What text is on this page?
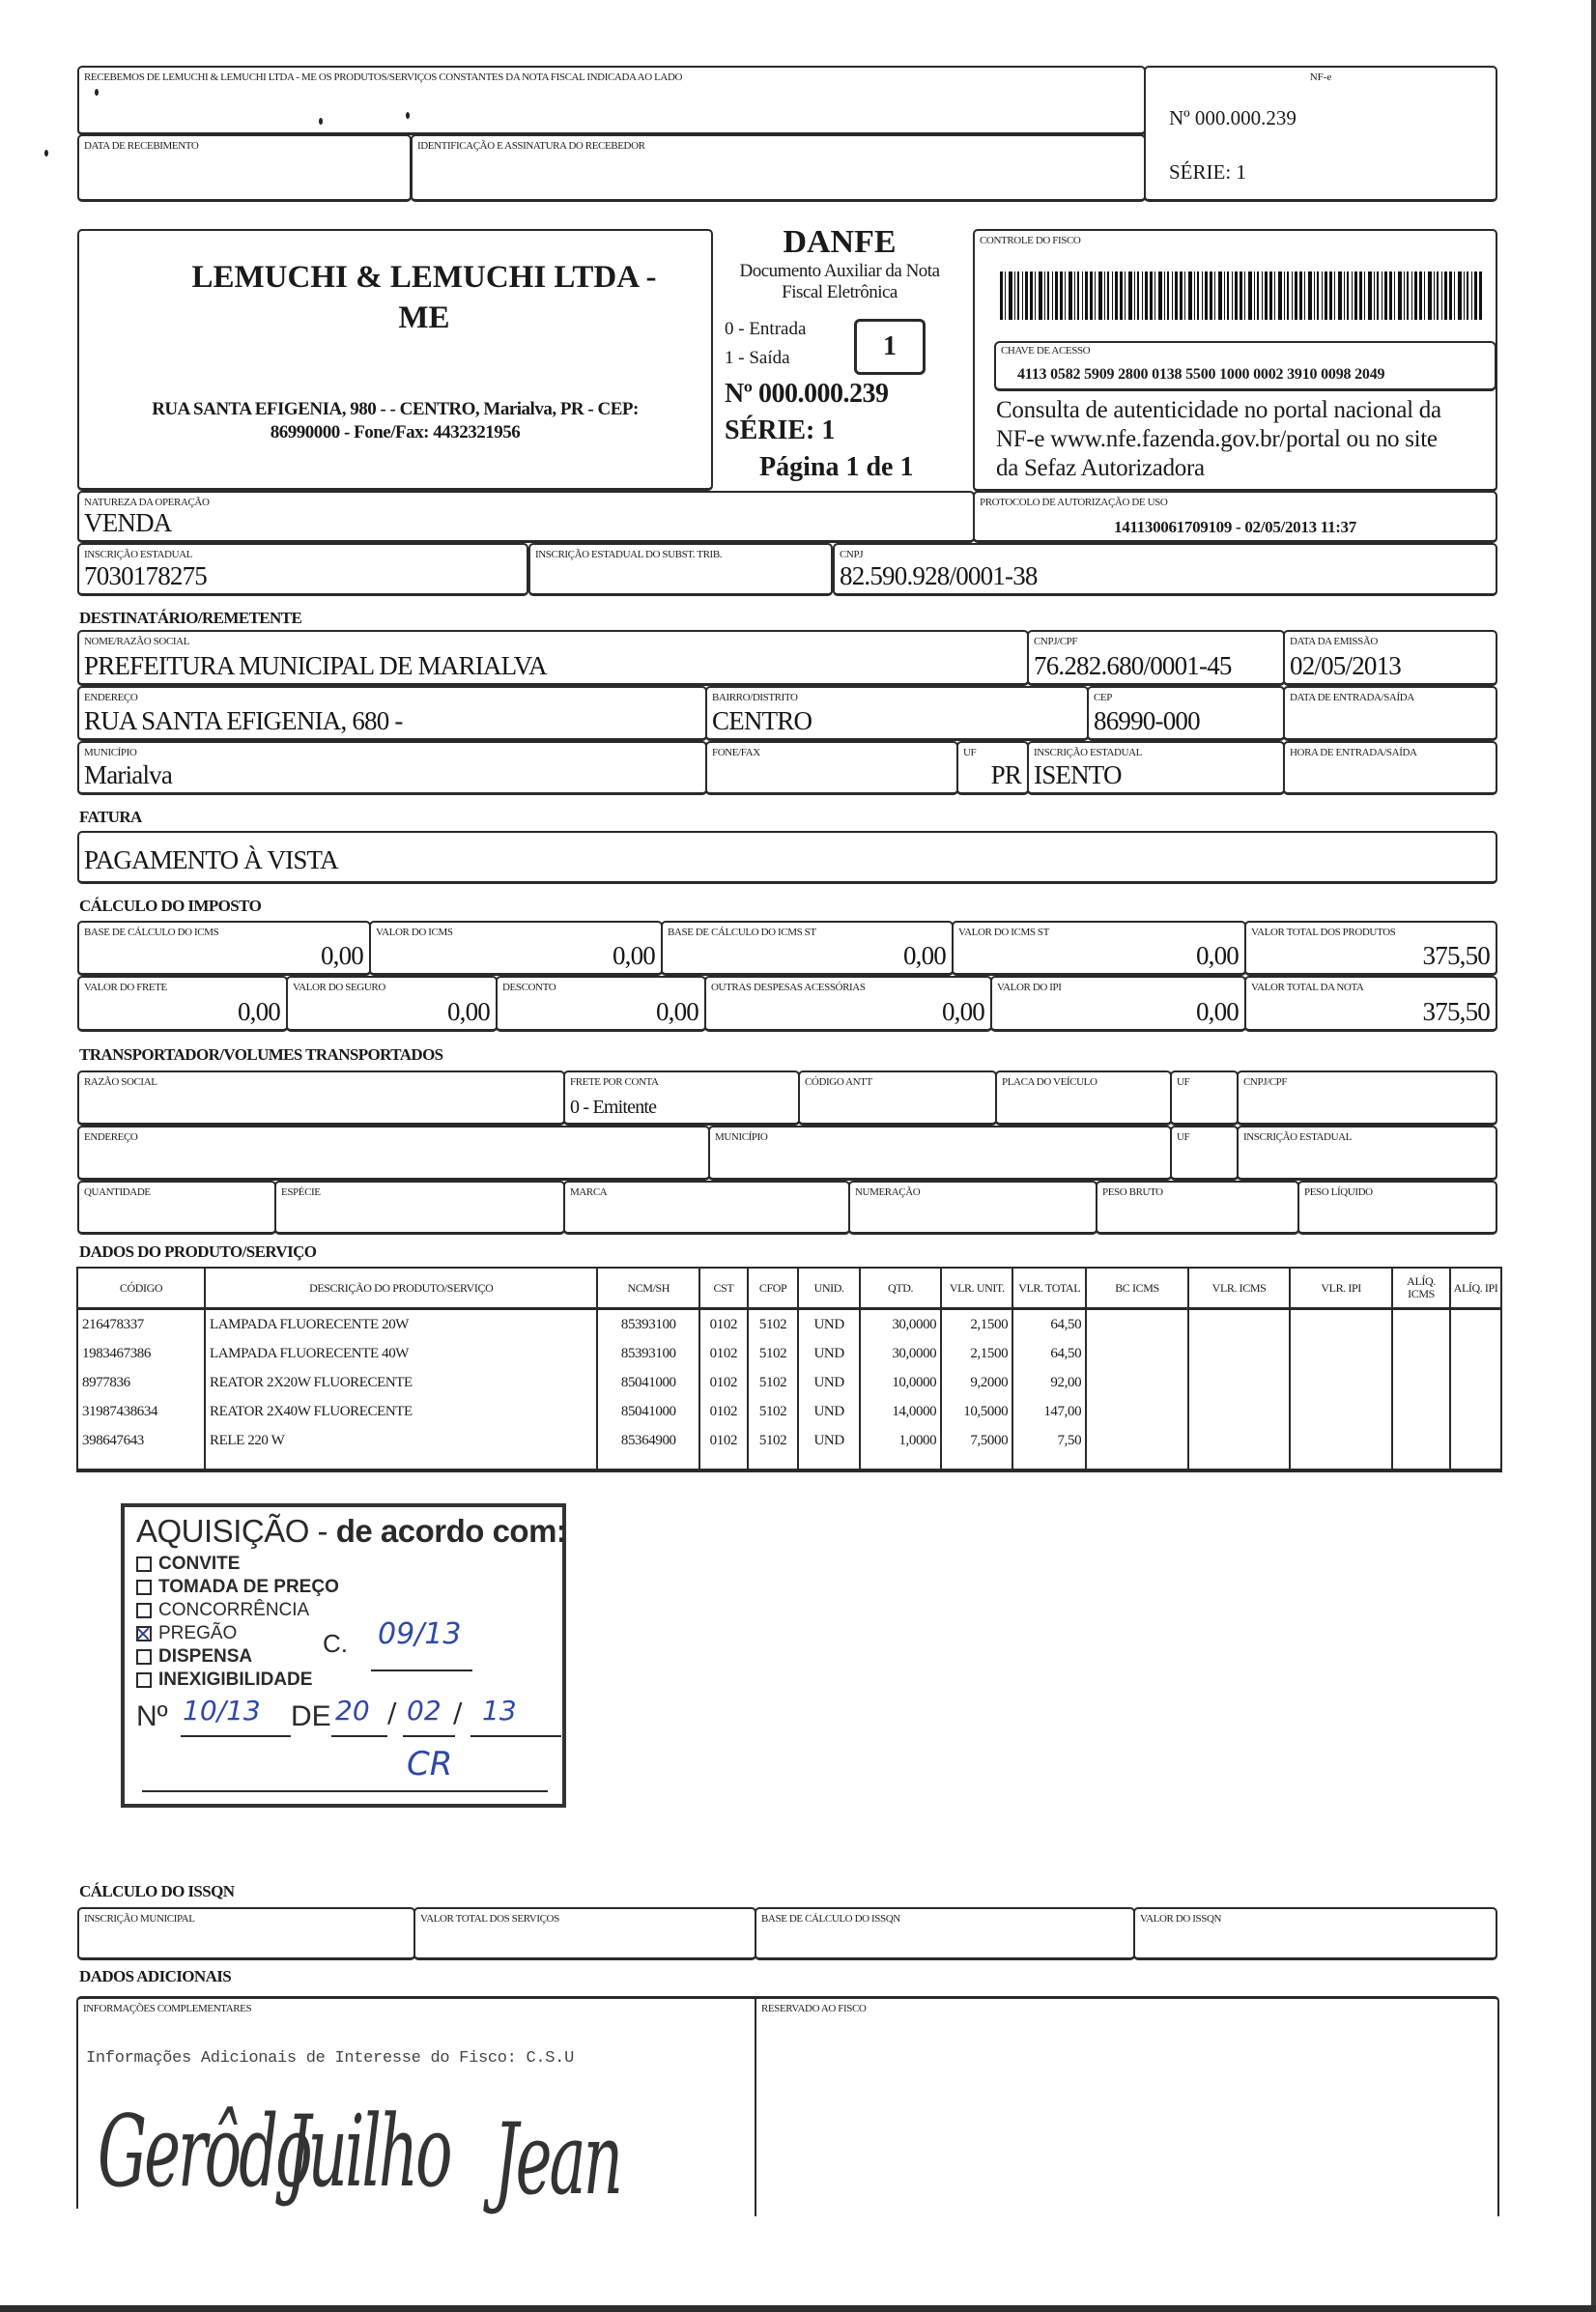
RECEBEMOS DE LEMUCHI & LEMUCHI LTDA - ME OS PRODUTOS/SERVIÇOS CONSTANTES DA NOTA FISCAL INDICADA AO LADO
DATA DE RECEBIMENTO	IDENTIFICAÇÃO E ASSINATURA DO RECEBEDOR
NF-e
Nº 000.000.239
SÉRIE: 1
LEMUCHI & LEMUCHI LTDA -
ME
RUA SANTA EFIGENIA, 980 - - CENTRO, Marialva, PR - CEP:
86990000 - Fone/Fax: 4432321956
DANFE
Documento Auxiliar da Nota
Fiscal Eletrônica
0 - Entrada
1 - Saída	1
Nº 000.000.239
SÉRIE: 1
Página 1 de 1
CONTROLE DO FISCO
CHAVE DE ACESSO
4113 0582 5909 2800 0138 5500 1000 0002 3910 0098 2049
Consulta de autenticidade no portal nacional da
NF-e www.nfe.fazenda.gov.br/portal ou no site
da Sefaz Autorizadora
NATUREZA DA OPERAÇÃO
VENDA
PROTOCOLO DE AUTORIZAÇÃO DE USO
141130061709109 - 02/05/2013 11:37
INSCRIÇÃO ESTADUAL
7030178275
INSCRIÇÃO ESTADUAL DO SUBST. TRIB.	CNPJ
82.590.928/0001-38
DESTINATÁRIO/REMETENTE
NOME/RAZÃO SOCIAL
PREFEITURA MUNICIPAL DE MARIALVA
CNPJ/CPF
76.282.680/0001-45
DATA DA EMISSÃO
02/05/2013
ENDEREÇO
RUA SANTA EFIGENIA, 680 -
BAIRRO/DISTRITO
CENTRO
CEP
86990-000
DATA DE ENTRADA/SAÍDA
MUNICÍPIO
Marialva
FONE/FAX	UF
PR
INSCRIÇÃO ESTADUAL
ISENTO
HORA DE ENTRADA/SAÍDA
FATURA
PAGAMENTO À VISTA
CÁLCULO DO IMPOSTO
BASE DE CÁLCULO DO ICMS
0,00
VALOR DO ICMS
0,00
BASE DE CÁLCULO DO ICMS ST
0,00
VALOR DO ICMS ST
0,00
VALOR TOTAL DOS PRODUTOS
375,50
VALOR DO FRETE
0,00
VALOR DO SEGURO
0,00
DESCONTO
0,00
OUTRAS DESPESAS ACESSÓRIAS
0,00
VALOR DO IPI
0,00
VALOR TOTAL DA NOTA
375,50
TRANSPORTADOR/VOLUMES TRANSPORTADOS
RAZÃO SOCIAL	FRETE POR CONTA
0 - Emitente
CÓDIGO ANTT	PLACA DO VEÍCULO	UF	CNPJ/CPF
ENDEREÇO	MUNICÍPIO	UF	INSCRIÇÃO ESTADUAL
QUANTIDADE	ESPÉCIE	MARCA	NUMERAÇÃO	PESO BRUTO	PESO LÍQUIDO
DADOS DO PRODUTO/SERVIÇO
CÓDIGO	DESCRIÇÃO DO PRODUTO/SERVIÇO	NCM/SH	CST	CFOP	UNID.	QTD.	VLR. UNIT.	VLR. TOTAL	BC ICMS	VLR. ICMS	VLR. IPI	ALÍQ. ICMS	ALÍQ. IPI
216478337	LAMPADA FLUORECENTE 20W	85393100	0102	5102	UND	30,0000	2,1500	64,50					
1983467386	LAMPADA FLUORECENTE 40W	85393100	0102	5102	UND	30,0000	2,1500	64,50					
8977836	REATOR 2X20W FLUORECENTE	85041000	0102	5102	UND	10,0000	9,2000	92,00					
31987438634	REATOR 2X40W FLUORECENTE	85041000	0102	5102	UND	14,0000	10,5000	147,00					
398647643	RELE 220 W	85364900	0102	5102	UND	1,0000	7,5000	7,50					

AQUISIÇÃO - de acordo com:
CONVITE
TOMADA DE PREÇO
CONCORRÊNCIA
PREGÃO
DISPENSA
INEXIGIBILIDADE
C. 09/13
Nº 10/13 DE 20 / 02 / 13
CR
CÁLCULO DO ISSQN
INSCRIÇÃO MUNICIPAL	VALOR TOTAL DOS SERVIÇOS	BASE DE CÁLCULO DO ISSQN	VALOR DO ISSQN
DADOS ADICIONAIS
INFORMAÇÕES COMPLEMENTARES
Informações Adicionais de Interesse do Fisco: C.S.U
Gerôdo
Juilho Jean
RESERVADO AO FISCO
